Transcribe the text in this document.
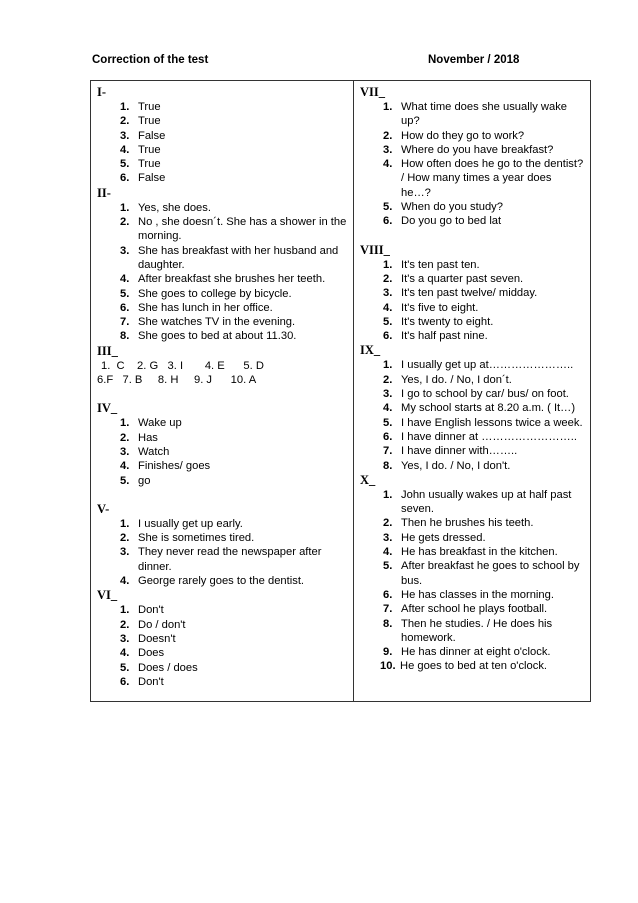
Correction of the test	November / 2018

I-

1. True
2. True
3. False
4. True
5. True
6. False

II-

1. Yes, she does.
2. No , she doesn´t. She has a shower in the morning.
3. She has breakfast with her husband and daughter.
4. After breakfast she brushes her teeth.
5. She goes to college by bicycle.
6. She has lunch in her office.
7. She watches TV in the evening.
8. She goes to bed at about 11.30.

III_

1.  C    2. G   3. I       4. E      5. D

6.F   7. B     8. H     9. J      10. A

IV_

1. Wake up
2. Has
3. Watch
4. Finishes/ goes
5. go

V-

1. I usually get up early.
2. She is sometimes tired.
3. They never read the newspaper after dinner.
4. George rarely goes to the dentist.

VI_

1. Don't
2. Do / don't
3. Doesn't
4. Does
5. Does / does
6. Don't

VII_

1. What time does she usually wake up?
2. How do they go to work?
3. Where do you have breakfast?
4. How often does he go to the dentist? / How many times a year does he…?
5. When do you study?
6. Do you go to bed lat

VIII_

1. It's ten past ten.
2. It's a quarter past seven.
3. It's ten past twelve/ midday.
4. It's five to eight.
5. It's twenty to eight.
6. It's half past nine.

IX_

1. I usually get up at…………………..
2. Yes, I do. / No, I don´t.
3. I go to school by car/ bus/ on foot.
4. My school starts at 8.20 a.m. ( It…)
5. I have English lessons twice a week.
6. I have dinner at ……………………..
7. I have dinner with……..
8. Yes, I do. / No, I don't.

X_

1. John usually wakes up at half past seven.
2. Then he brushes his teeth.
3. He gets dressed.
4. He has breakfast in the kitchen.
5. After breakfast he goes to school by bus.
6. He has classes in the morning.
7. After school he plays football.
8. Then he studies. / He does his homework.
9. He has dinner at eight o'clock.
10. He goes to bed at ten o'clock.
